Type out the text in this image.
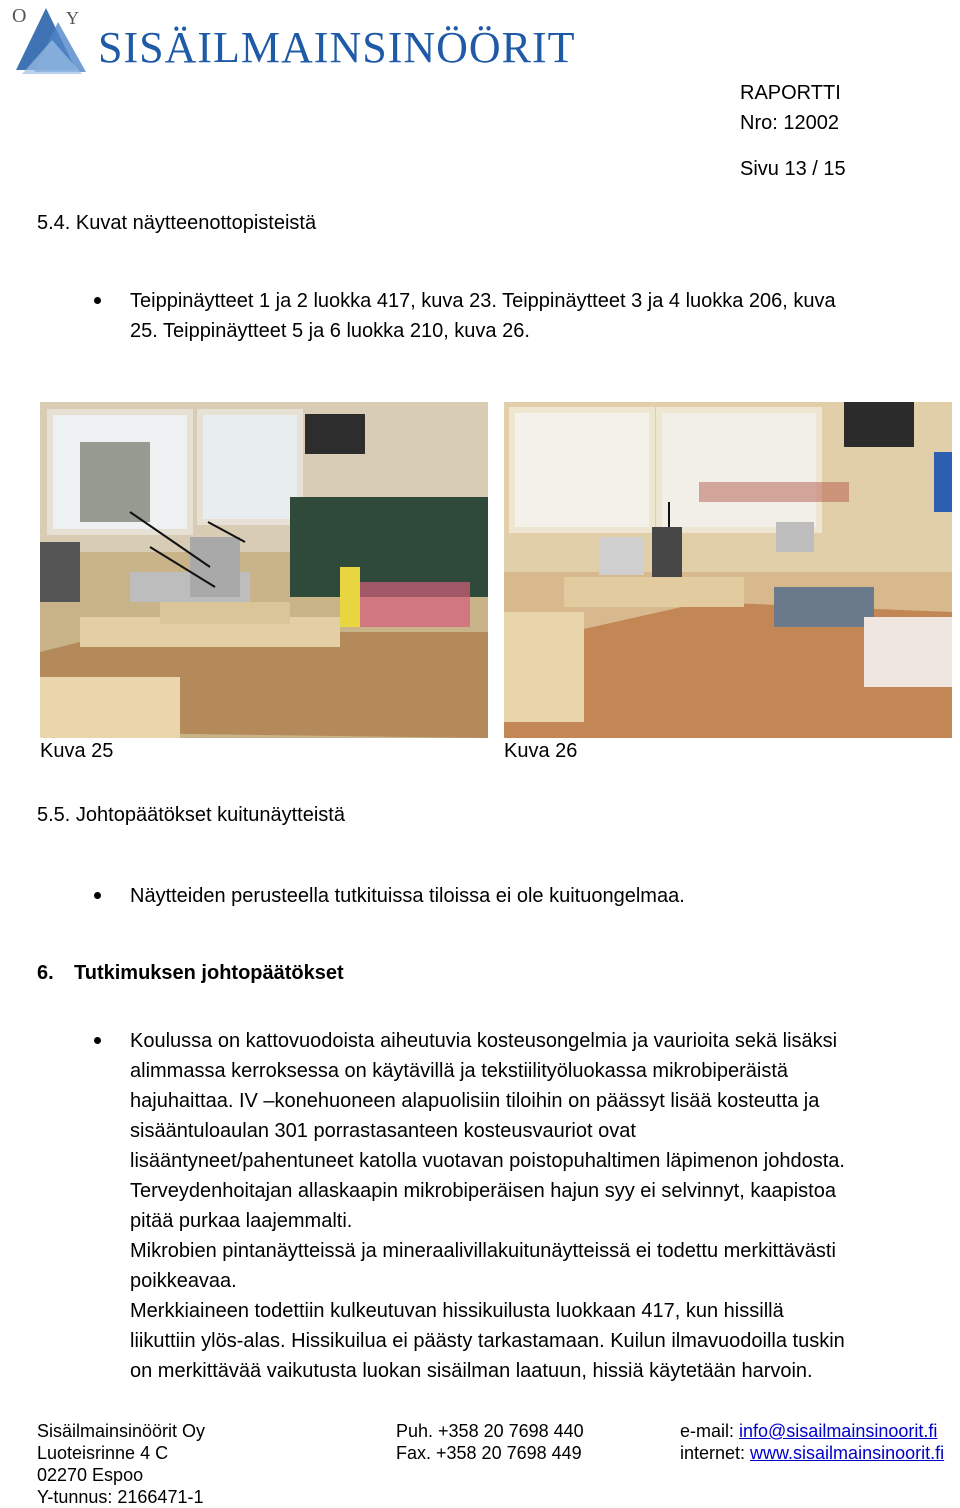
O Y
SISÄILMAINSINÖÖRIT
RAPORTTI
Nro: 12002
Sivu 13 / 15
5.4. Kuvat näytteenottopisteistä
Teippinäytteet 1 ja 2 luokka 417, kuva 23. Teippinäytteet 3 ja 4 luokka 206, kuva
25. Teippinäytteet 5 ja 6 luokka 210, kuva 26.
Kuva 25	Kuva 26
5.5. Johtopäätökset kuitunäytteistä
Näytteiden perusteella tutkituissa tiloissa ei ole kuituongelmaa.
6. Tutkimuksen johtopäätökset
Koulussa on kattovuodoista aiheutuvia kosteusongelmia ja vaurioita sekä lisäksi
alimmassa kerroksessa on käytävillä ja tekstiilityöluokassa mikrobiperäistä
hajuhaittaa. IV –konehuoneen alapuolisiin tiloihin on päässyt lisää kosteutta ja
sisääntuloaulan 301 porrastasanteen kosteusvauriot ovat
lisääntyneet/pahentuneet katolla vuotavan poistopuhaltimen läpimenon johdosta.
Terveydenhoitajan allaskaapin mikrobiperäisen hajun syy ei selvinnyt, kaapistoa
pitää purkaa laajemmalti.
Mikrobien pintanäytteissä ja mineraalivillakuitunäytteissä ei todettu merkittävästi
poikkeavaa.
Merkkiaineen todettiin kulkeutuvan hissikuilusta luokkaan 417, kun hissillä
liikuttiin ylös-alas. Hissikuilua ei päästy tarkastamaan. Kuilun ilmavuodoilla tuskin
on merkittävää vaikutusta luokan sisäilman laatuun, hissiä käytetään harvoin.
Sisäilmainsinöörit Oy
Luoteisrinne 4 C
02270 Espoo
Y-tunnus: 2166471-1
Puh. +358 20 7698 440
Fax. +358 20 7698 449
e-mail: info@sisailmainsinoorit.fi
internet: www.sisailmainsinoorit.fi
